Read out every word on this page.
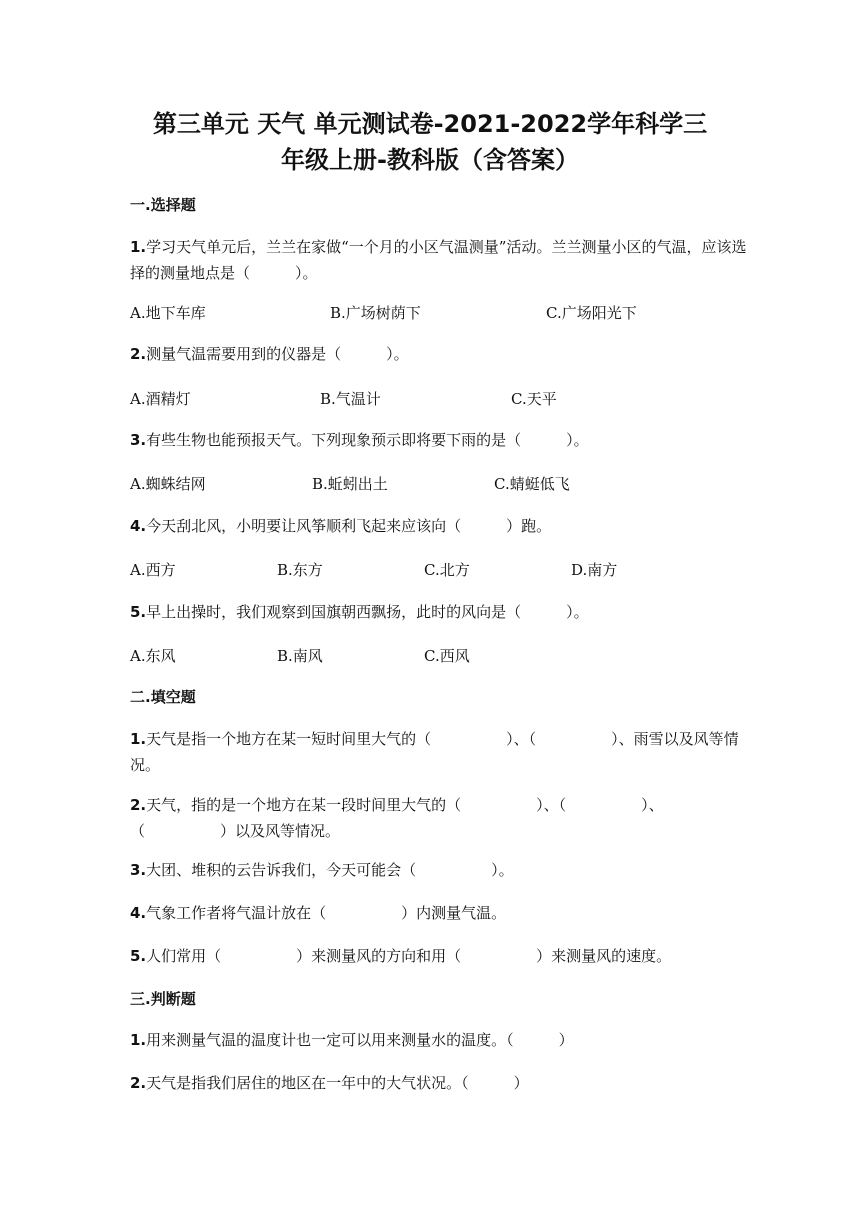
第三单元 天气 单元测试卷-2021-2022学年科学三
年级上册-教科版（含答案）
一.选择题
1.学习天气单元后，兰兰在家做“一个月的小区气温测量”活动。兰兰测量小区的气温，应该选择的测量地点是（　　　）。
A.地下车库	B.广场树荫下	C.广场阳光下
2.测量气温需要用到的仪器是（　　　）。
A.酒精灯	B.气温计	C.天平
3.有些生物也能预报天气。下列现象预示即将要下雨的是（　　　）。
A.蜘蛛结网	B.蚯蚓出土	C.蜻蜓低飞
4.今天刮北风，小明要让风筝顺利飞起来应该向（　　　）跑。
A.西方	B.东方	C.北方	D.南方
5.早上出操时，我们观察到国旗朝西飘扬，此时的风向是（　　　）。
A.东风	B.南风	C.西风
二.填空题
1.天气是指一个地方在某一短时间里大气的（　　　　　）、（　　　　　）、雨雪以及风等情况。
2.天气，指的是一个地方在某一段时间里大气的（　　　　　）、（　　　　　）、（　　　　　）以及风等情况。
3.大团、堆积的云告诉我们，今天可能会（　　　　　）。
4.气象工作者将气温计放在（　　　　　）内测量气温。
5.人们常用（　　　　　）来测量风的方向和用（　　　　　）来测量风的速度。
三.判断题
1.用来测量气温的温度计也一定可以用来测量水的温度。（　　　）
2.天气是指我们居住的地区在一年中的大气状况。（　　　）
